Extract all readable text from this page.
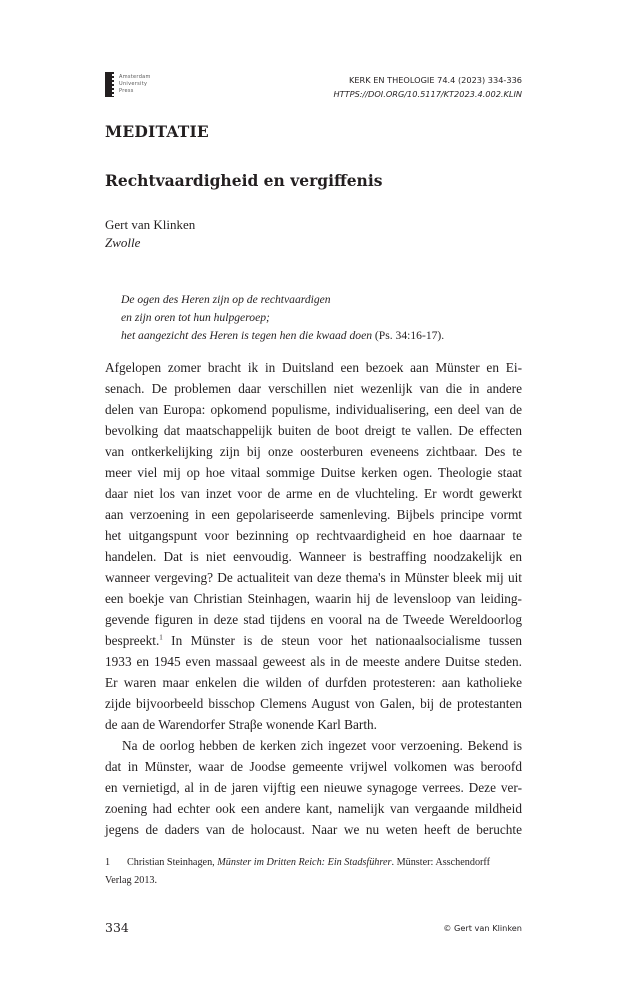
Amsterdam
University
Press
KERK EN THEOLOGIE 74.4 (2023) 334-336
HTTPS://DOI.ORG/10.5117/KT2023.4.002.KLIN
MEDITATIE
Rechtvaardigheid en vergiffenis
Gert van Klinken
Zwolle
De ogen des Heren zijn op de rechtvaardigen
en zijn oren tot hun hulpgeroep;
het aangezicht des Heren is tegen hen die kwaad doen (Ps. 34:16-17).
Afgelopen zomer bracht ik in Duitsland een bezoek aan Münster en Ei-
senach. De problemen daar verschillen niet wezenlijk van die in andere
delen van Europa: opkomend populisme, individualisering, een deel van de
bevolking dat maatschappelijk buiten de boot dreigt te vallen. De effecten
van ontkerkelijking zijn bij onze oosterburen eveneens zichtbaar. Des te
meer viel mij op hoe vitaal sommige Duitse kerken ogen. Theologie staat
daar niet los van inzet voor de arme en de vluchteling. Er wordt gewerkt
aan verzoening in een gepolariseerde samenleving. Bijbels principe vormt
het uitgangspunt voor bezinning op rechtvaardigheid en hoe daarnaar te
handelen. Dat is niet eenvoudig. Wanneer is bestraffing noodzakelijk en
wanneer vergeving? De actualiteit van deze thema's in Münster bleek mij uit
een boekje van Christian Steinhagen, waarin hij de levensloop van leiding-
gevende figuren in deze stad tijdens en vooral na de Tweede Wereldoorlog
bespreekt.$^1$ In Münster is de steun voor het nationaalsocialisme tussen
1933 en 1945 even massaal geweest als in de meeste andere Duitse steden.
Er waren maar enkelen die wilden of durfden protesteren: aan katholieke
zijde bijvoorbeeld bisschop Clemens August von Galen, bij de protestanten
de aan de Warendorfer Straβe wonende Karl Barth.
Na de oorlog hebben de kerken zich ingezet voor verzoening. Bekend is
dat in Münster, waar de Joodse gemeente vrijwel volkomen was beroofd
en vernietigd, al in de jaren vijftig een nieuwe synagoge verrees. Deze ver-
zoening had echter ook een andere kant, namelijk van vergaande mildheid
jegens de daders van de holocaust. Naar we nu weten heeft de beruchte
1 Christian Steinhagen, Münster im Dritten Reich: Ein Stadsführer. Münster: Asschendorff
Verlag 2013.
334	© Gert van Klinken
